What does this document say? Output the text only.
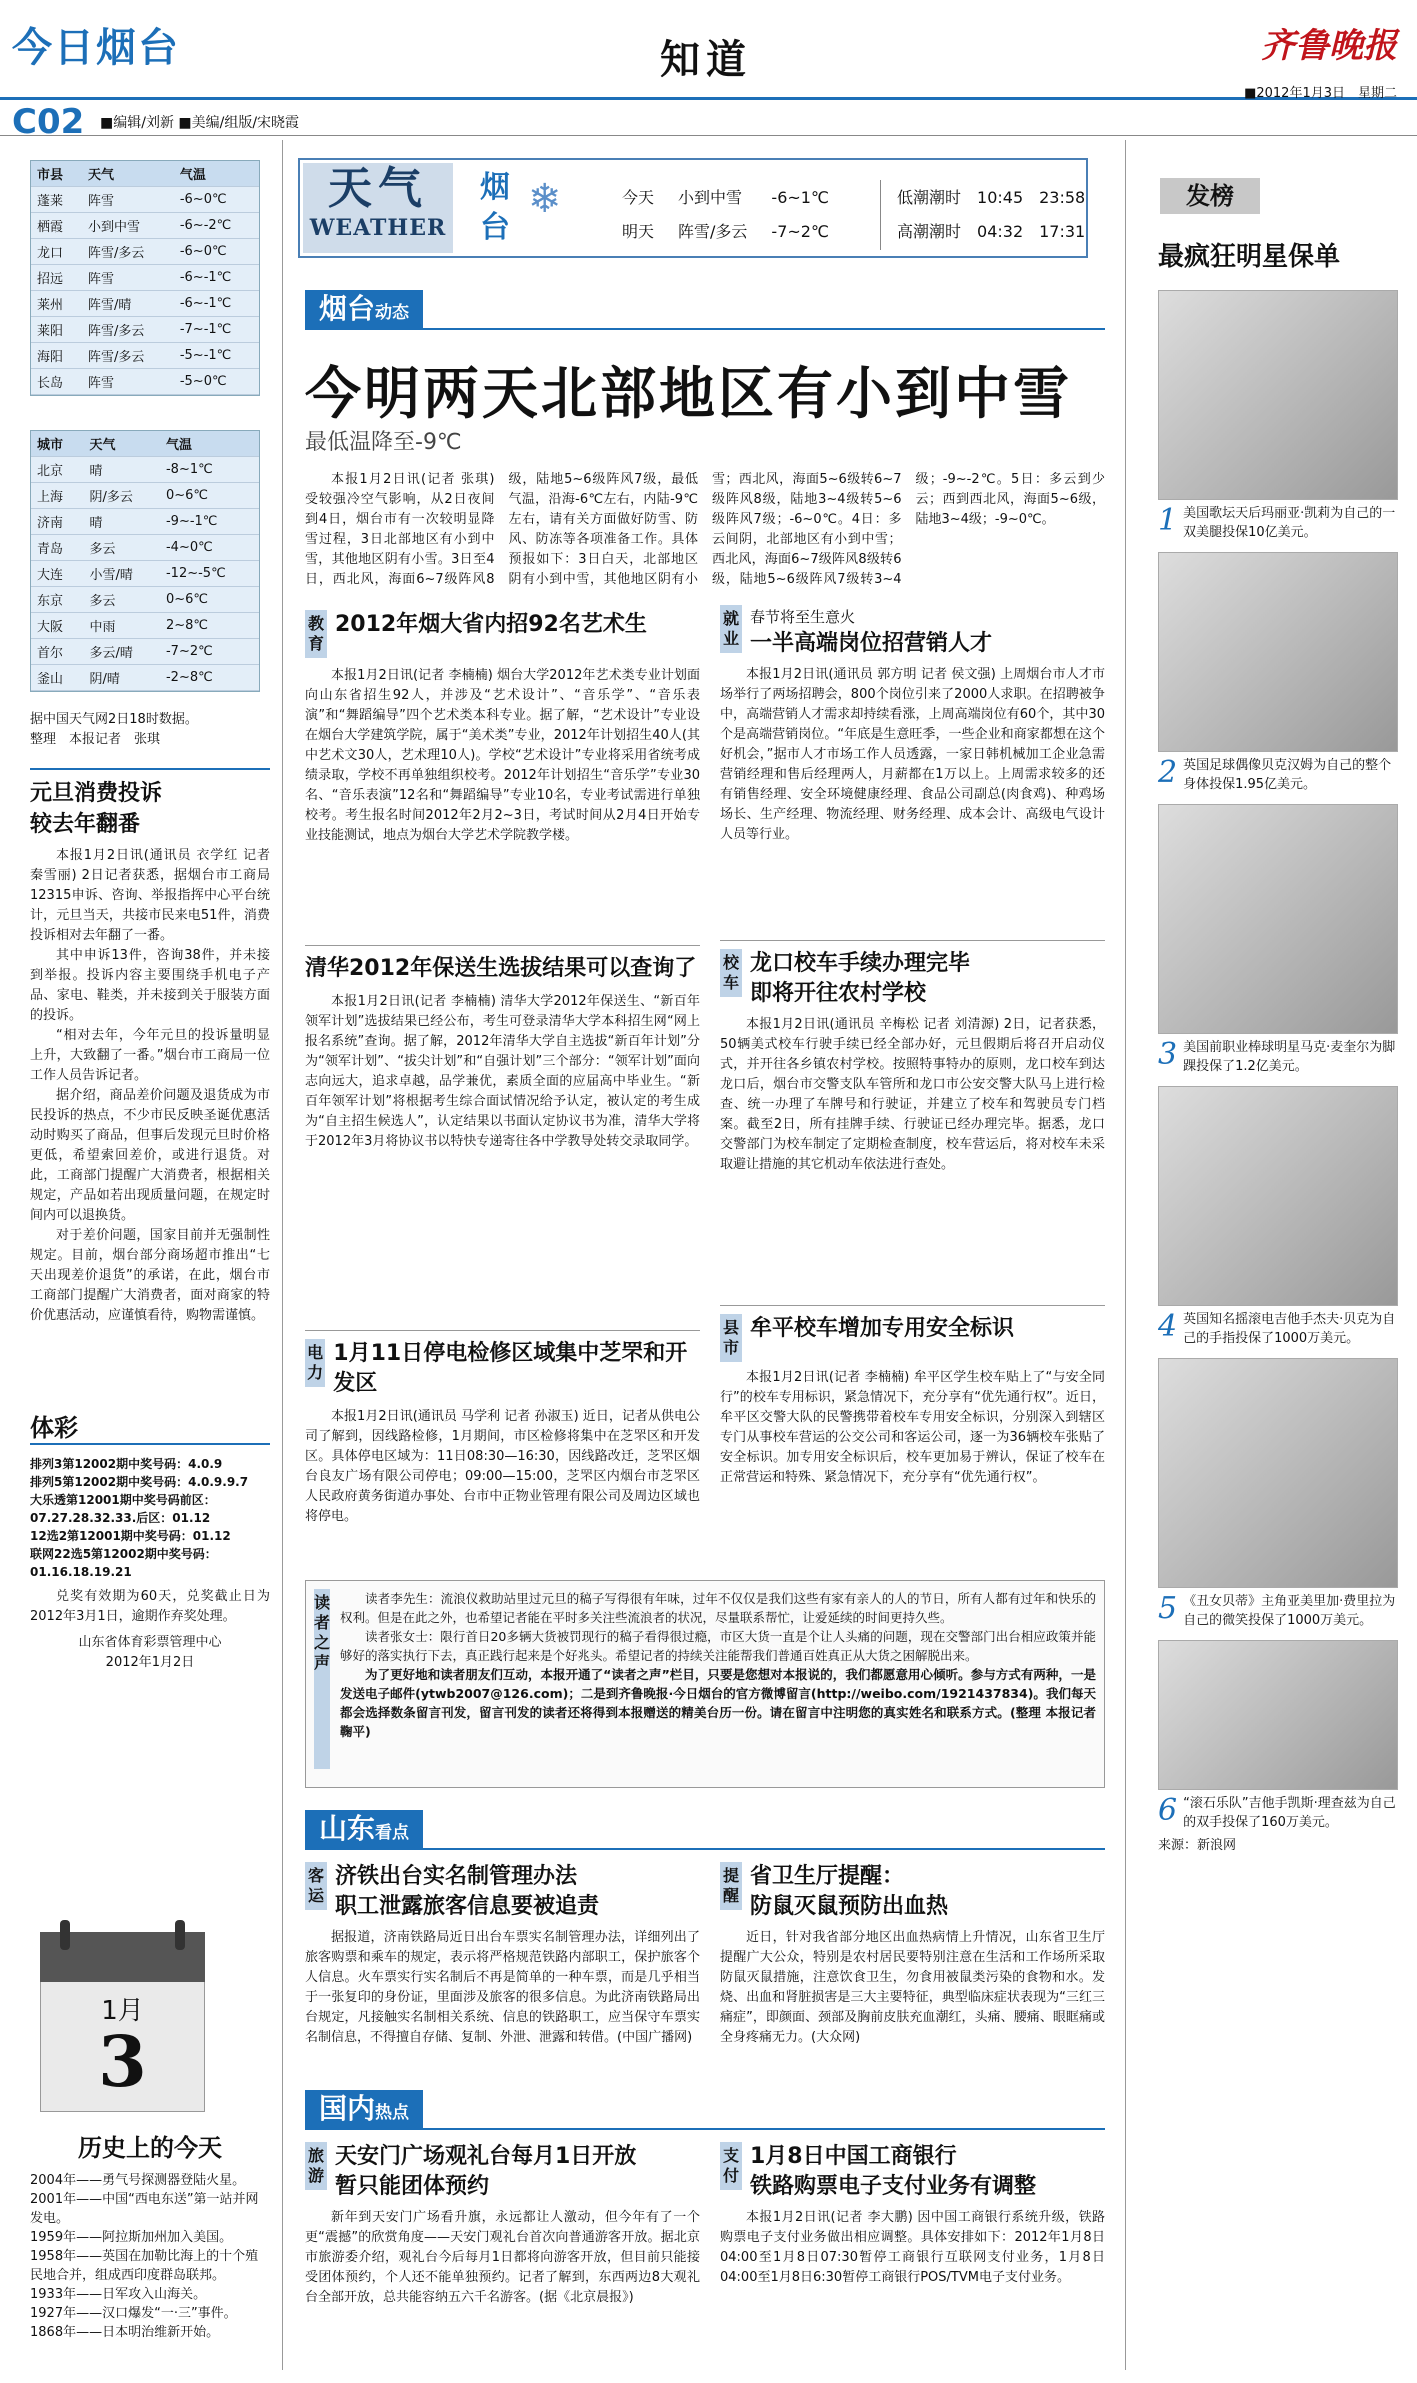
今日烟台	知道	齐鲁晚报
■2012年1月3日　星期二
C02 ■编辑/刘新 ■美编/组版/宋晓霞
市县	天气	气温
蓬莱	阵雪	-6~0℃
栖霞	小到中雪	-6~-2℃
龙口	阵雪/多云	-6~0℃
招远	阵雪	-6~-1℃
莱州	阵雪/晴	-6~-1℃
莱阳	阵雪/多云	-7~-1℃
海阳	阵雪/多云	-5~-1℃
长岛	阵雪	-5~0℃
城市	天气	气温
北京	晴	-8~1℃
上海	阴/多云	0~6℃
济南	晴	-9~-1℃
青岛	多云	-4~0℃
大连	小雪/晴	-12~-5℃
东京	多云	0~6℃
大阪	中雨	2~8℃
首尔	多云/晴	-7~2℃
釜山	阴/晴	-2~8℃
据中国天气网2日18时数据。
整理　本报记者　张琪
元旦消费投诉
较去年翻番

本报1月2日讯(通讯员 衣学红 记者 秦雪丽) 2日记者获悉，据烟台市工商局12315申诉、咨询、举报指挥中心平台统计，元旦当天，共接市民来电51件，消费投诉相对去年翻了一番。

其中申诉13件，咨询38件，并未接到举报。投诉内容主要围绕手机电子产品、家电、鞋类，并未接到关于服装方面的投诉。

“相对去年，今年元旦的投诉量明显上升，大致翻了一番。”烟台市工商局一位工作人员告诉记者。

据介绍，商品差价问题及退货成为市民投诉的热点，不少市民反映圣诞优惠活动时购买了商品，但事后发现元旦时价格更低，希望索回差价，或进行退货。对此，工商部门提醒广大消费者，根据相关规定，产品如若出现质量问题，在规定时间内可以退换货。

对于差价问题，国家目前并无强制性规定。目前，烟台部分商场超市推出“七天出现差价退货”的承诺，在此，烟台市工商部门提醒广大消费者，面对商家的特价优惠活动，应谨慎看待，购物需谨慎。

体彩
排列3第12002期中奖号码：4.0.9
排列5第12002期中奖号码：4.0.9.9.7
大乐透第12001期中奖号码前区：07.27.28.32.33.后区：01.12
12选2第12001期中奖号码：01.12
联网22选5第12002期中奖号码：01.16.18.19.21

兑奖有效期为60天，兑奖截止日为2012年3月1日，逾期作弃奖处理。

山东省体育彩票管理中心
2012年1月2日
1月
3
历史上的今天
2004年——勇气号探测器登陆火星。
2001年——中国“西电东送”第一站并网发电。
1959年——阿拉斯加州加入美国。
1958年——英国在加勒比海上的十个殖民地合并，组成西印度群岛联邦。
1933年——日军攻入山海关。
1927年——汉口爆发“一·三”事件。
1868年——日本明治维新开始。
天气
WEATHER
烟台
❄	今天	小到中雪	-6~1℃
明天	阵雪/多云	-7~2℃
低潮潮时	10:45　23:58
高潮潮时	04:32　17:31
烟台动态
今明两天北部地区有小到中雪
最低温降至-9℃

本报1月2日讯(记者 张琪) 受较强冷空气影响，从2日夜间到4日，烟台市有一次较明显降雪过程，3日北部地区有小到中雪，其他地区阴有小雪。3日至4日，西北风，海面6~7级阵风8级，陆地5~6级阵风7级，最低气温，沿海-6℃左右，内陆-9℃左右，请有关方面做好防雪、防风、防冻等各项准备工作。具体预报如下：3日白天，北部地区阴有小到中雪，其他地区阴有小雪；西北风，海面5~6级转6~7级阵风8级，陆地3~4级转5~6级阵风7级；-6~0℃。4日：多云间阴，北部地区有小到中雪；西北风，海面6~7级阵风8级转6级，陆地5~6级阵风7级转3~4级；-9~-2℃。5日：多云到少云；西到西北风，海面5~6级，陆地3~4级；-9~0℃。

教育
2012年烟大省内招92名艺术生

本报1月2日讯(记者 李楠楠) 烟台大学2012年艺术类专业计划面向山东省招生92人，并涉及“艺术设计”、“音乐学”、“音乐表演”和“舞蹈编导”四个艺术类本科专业。据了解，“艺术设计”专业设在烟台大学建筑学院，属于“美术类”专业，2012年计划招生40人(其中艺术文30人，艺术理10人)。学校“艺术设计”专业将采用省统考成绩录取，学校不再单独组织校考。2012年计划招生“音乐学”专业30名、“音乐表演”12名和“舞蹈编导”专业10名，专业考试需进行单独校考。考生报名时间2012年2月2~3日，考试时间从2月4日开始专业技能测试，地点为烟台大学艺术学院教学楼。

清华2012年保送生选拔结果可以查询了

本报1月2日讯(记者 李楠楠) 清华大学2012年保送生、“新百年领军计划”选拔结果已经公布，考生可登录清华大学本科招生网“网上报名系统”查询。据了解，2012年清华大学自主选拔“新百年计划”分为“领军计划”、“拔尖计划”和“自强计划”三个部分：“领军计划”面向志向远大，追求卓越，品学兼优，素质全面的应届高中毕业生。“新百年领军计划”将根据考生综合面试情况给予认定，被认定的考生成为“自主招生候选人”，认定结果以书面认定协议书为准，清华大学将于2012年3月将协议书以特快专递寄往各中学教导处转交录取同学。

电力
1月11日停电检修区域集中芝罘和开发区

本报1月2日讯(通讯员 马学利 记者 孙淑玉) 近日，记者从供电公司了解到，因线路检修，1月期间，市区检修将集中在芝罘区和开发区。具体停电区域为：11日08:30—16:30，因线路改迁，芝罘区烟台良友广场有限公司停电；09:00—15:00，芝罘区内烟台市芝罘区人民政府黄务街道办事处、台市中正物业管理有限公司及周边区域也将停电。

就业
春节将至生意火
一半高端岗位招营销人才

本报1月2日讯(通讯员 郭方明 记者 侯文强) 上周烟台市人才市场举行了两场招聘会，800个岗位引来了2000人求职。在招聘被争中，高端营销人才需求却持续看涨，上周高端岗位有60个，其中30个是高端营销岗位。“年底是生意旺季，一些企业和商家都想在这个好机会，”据市人才市场工作人员透露，一家日韩机械加工企业急需营销经理和售后经理两人，月薪都在1万以上。上周需求较多的还有销售经理、安全环境健康经理、食品公司副总(肉食鸡)、种鸡场场长、生产经理、物流经理、财务经理、成本会计、高级电气设计人员等行业。

校车
龙口校车手续办理完毕
即将开往农村学校

本报1月2日讯(通讯员 辛梅松 记者 刘清源) 2日，记者获悉，50辆美式校车行驶手续已经全部办好，元旦假期后将召开启动仪式，并开往各乡镇农村学校。按照特事特办的原则，龙口校车到达龙口后，烟台市交警支队车管所和龙口市公安交警大队马上进行检查、统一办理了车牌号和行驶证，并建立了校车和驾驶员专门档案。截至2日，所有挂牌手续、行驶证已经办理完毕。据悉，龙口交警部门为校车制定了定期检查制度，校车营运后，将对校车未采取避让措施的其它机动车依法进行查处。

县市
牟平校车增加专用安全标识

本报1月2日讯(记者 李楠楠) 牟平区学生校车贴上了“与安全同行”的校车专用标识，紧急情况下，充分享有“优先通行权”。近日，牟平区交警大队的民警携带着校车专用安全标识，分别深入到辖区专门从事校车营运的公交公司和客运公司，逐一为36辆校车张贴了安全标识。加专用安全标识后，校车更加易于辨认，保证了校车在正常营运和特殊、紧急情况下，充分享有“优先通行权”。

读者之声

读者李先生：流浪仪救助站里过元旦的稿子写得很有年味，过年不仅仅是我们这些有家有亲人的人的节日，所有人都有过年和快乐的权利。但是在此之外，也希望记者能在平时多关注些流浪者的状况，尽量联系帮忙，让爱延续的时间更持久些。

读者张女士：限行首日20多辆大货被罚现行的稿子看得很过瘾，市区大货一直是个让人头痛的问题，现在交警部门出台相应政策并能够好的落实执行下去，真正践行起来是个好兆头。希望记者的持续关注能帮我们普通百姓真正从大货之困解脱出来。

为了更好地和读者朋友们互动，本报开通了“读者之声”栏目，只要是您想对本报说的，我们都愿意用心倾听。参与方式有两种，一是发送电子邮件(ytwb2007@126.com)；二是到齐鲁晚报·今日烟台的官方微博留言(http://weibo.com/1921437834)。我们每天都会选择数条留言刊发，留言刊发的读者还将得到本报赠送的精美台历一份。请在留言中注明您的真实姓名和联系方式。(整理 本报记者 鞠平)

山东看点
客运
济铁出台实名制管理办法
职工泄露旅客信息要被追责

据报道，济南铁路局近日出台车票实名制管理办法，详细列出了旅客购票和乘车的规定，表示将严格规范铁路内部职工，保护旅客个人信息。火车票实行实名制后不再是简单的一种车票，而是几乎相当于一张复印的身份证，里面涉及旅客的很多信息。为此济南铁路局出台规定，凡接触实名制相关系统、信息的铁路职工，应当保守车票实名制信息，不得擅自存储、复制、外泄、泄露和转借。(中国广播网)

提醒
省卫生厅提醒：
防鼠灭鼠预防出血热

近日，针对我省部分地区出血热病情上升情况，山东省卫生厅提醒广大公众，特别是农村居民要特别注意在生活和工作场所采取防鼠灭鼠措施，注意饮食卫生，勿食用被鼠类污染的食物和水。发烧、出血和肾脏损害是三大主要特征，典型临床症状表现为“三红三痛症”，即颜面、颈部及胸前皮肤充血潮红，头痛、腰痛、眼眶痛或全身疼痛无力。(大众网)

国内热点
旅游
天安门广场观礼台每月1日开放
暂只能团体预约

新年到天安门广场看升旗，永远都让人激动，但今年有了一个更“震撼”的欣赏角度——天安门观礼台首次向普通游客开放。据北京市旅游委介绍，观礼台今后每月1日都将向游客开放，但目前只能接受团体预约，个人还不能单独预约。记者了解到，东西两边8大观礼台全部开放，总共能容纳五六千名游客。(据《北京晨报》)

支付
1月8日中国工商银行
铁路购票电子支付业务有调整

本报1月2日讯(记者 李大鹏) 因中国工商银行系统升级，铁路购票电子支付业务做出相应调整。具体安排如下：2012年1月8日04:00至1月8日07:30暂停工商银行互联网支付业务，1月8日04:00至1月8日6:30暂停工商银行POS/TVM电子支付业务。

发榜
最疯狂明星保单
1 美国歌坛天后玛丽亚·凯莉为自己的一双美腿投保10亿美元。
2 英国足球偶像贝克汉姆为自己的整个身体投保1.95亿美元。
3 美国前职业棒球明星马克·麦奎尔为脚踝投保了1.2亿美元。
4 英国知名摇滚电吉他手杰夫·贝克为自己的手指投保了1000万美元。
5 《丑女贝蒂》主角亚美里加·费里拉为自己的微笑投保了1000万美元。
6 “滚石乐队”吉他手凯斯·理查兹为自己的双手投保了160万美元。
来源：新浪网
